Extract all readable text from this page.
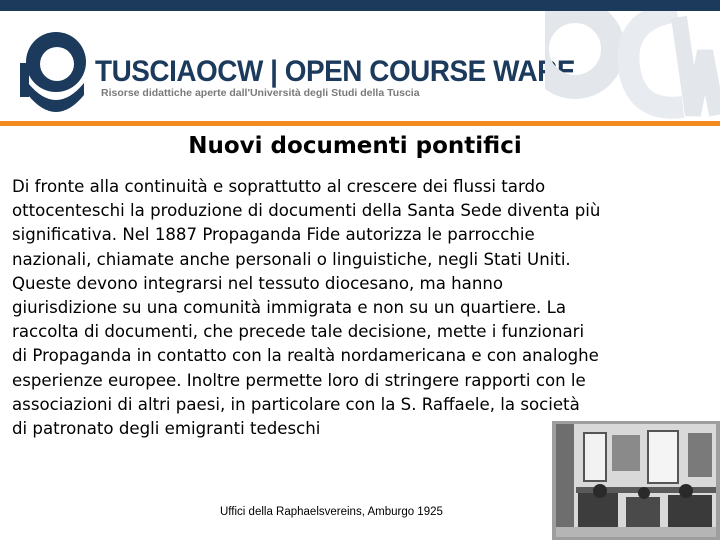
TUSCIAOCW | OPEN COURSE WARE
Risorse didattiche aperte dall'Università degli Studi della Tuscia
Nuovi documenti pontifici

Di fronte alla continuità e soprattutto al crescere dei flussi tardo
ottocenteschi la produzione di documenti della Santa Sede diventa più
significativa. Nel 1887 Propaganda Fide autorizza le parrocchie
nazionali, chiamate anche personali o linguistiche, negli Stati Uniti.
Queste devono integrarsi nel tessuto diocesano, ma hanno
giurisdizione su una comunità immigrata e non su un quartiere. La
raccolta di documenti, che precede tale decisione, mette i funzionari
di Propaganda in contatto con la realtà nordamericana e con analoghe
esperienze europee. Inoltre permette loro di stringere rapporti con le
associazioni di altri paesi, in particolare con la S. Raffaele, la società
di patronato degli emigranti tedeschi

Uffici della Raphaelsvereins, Amburgo 1925
